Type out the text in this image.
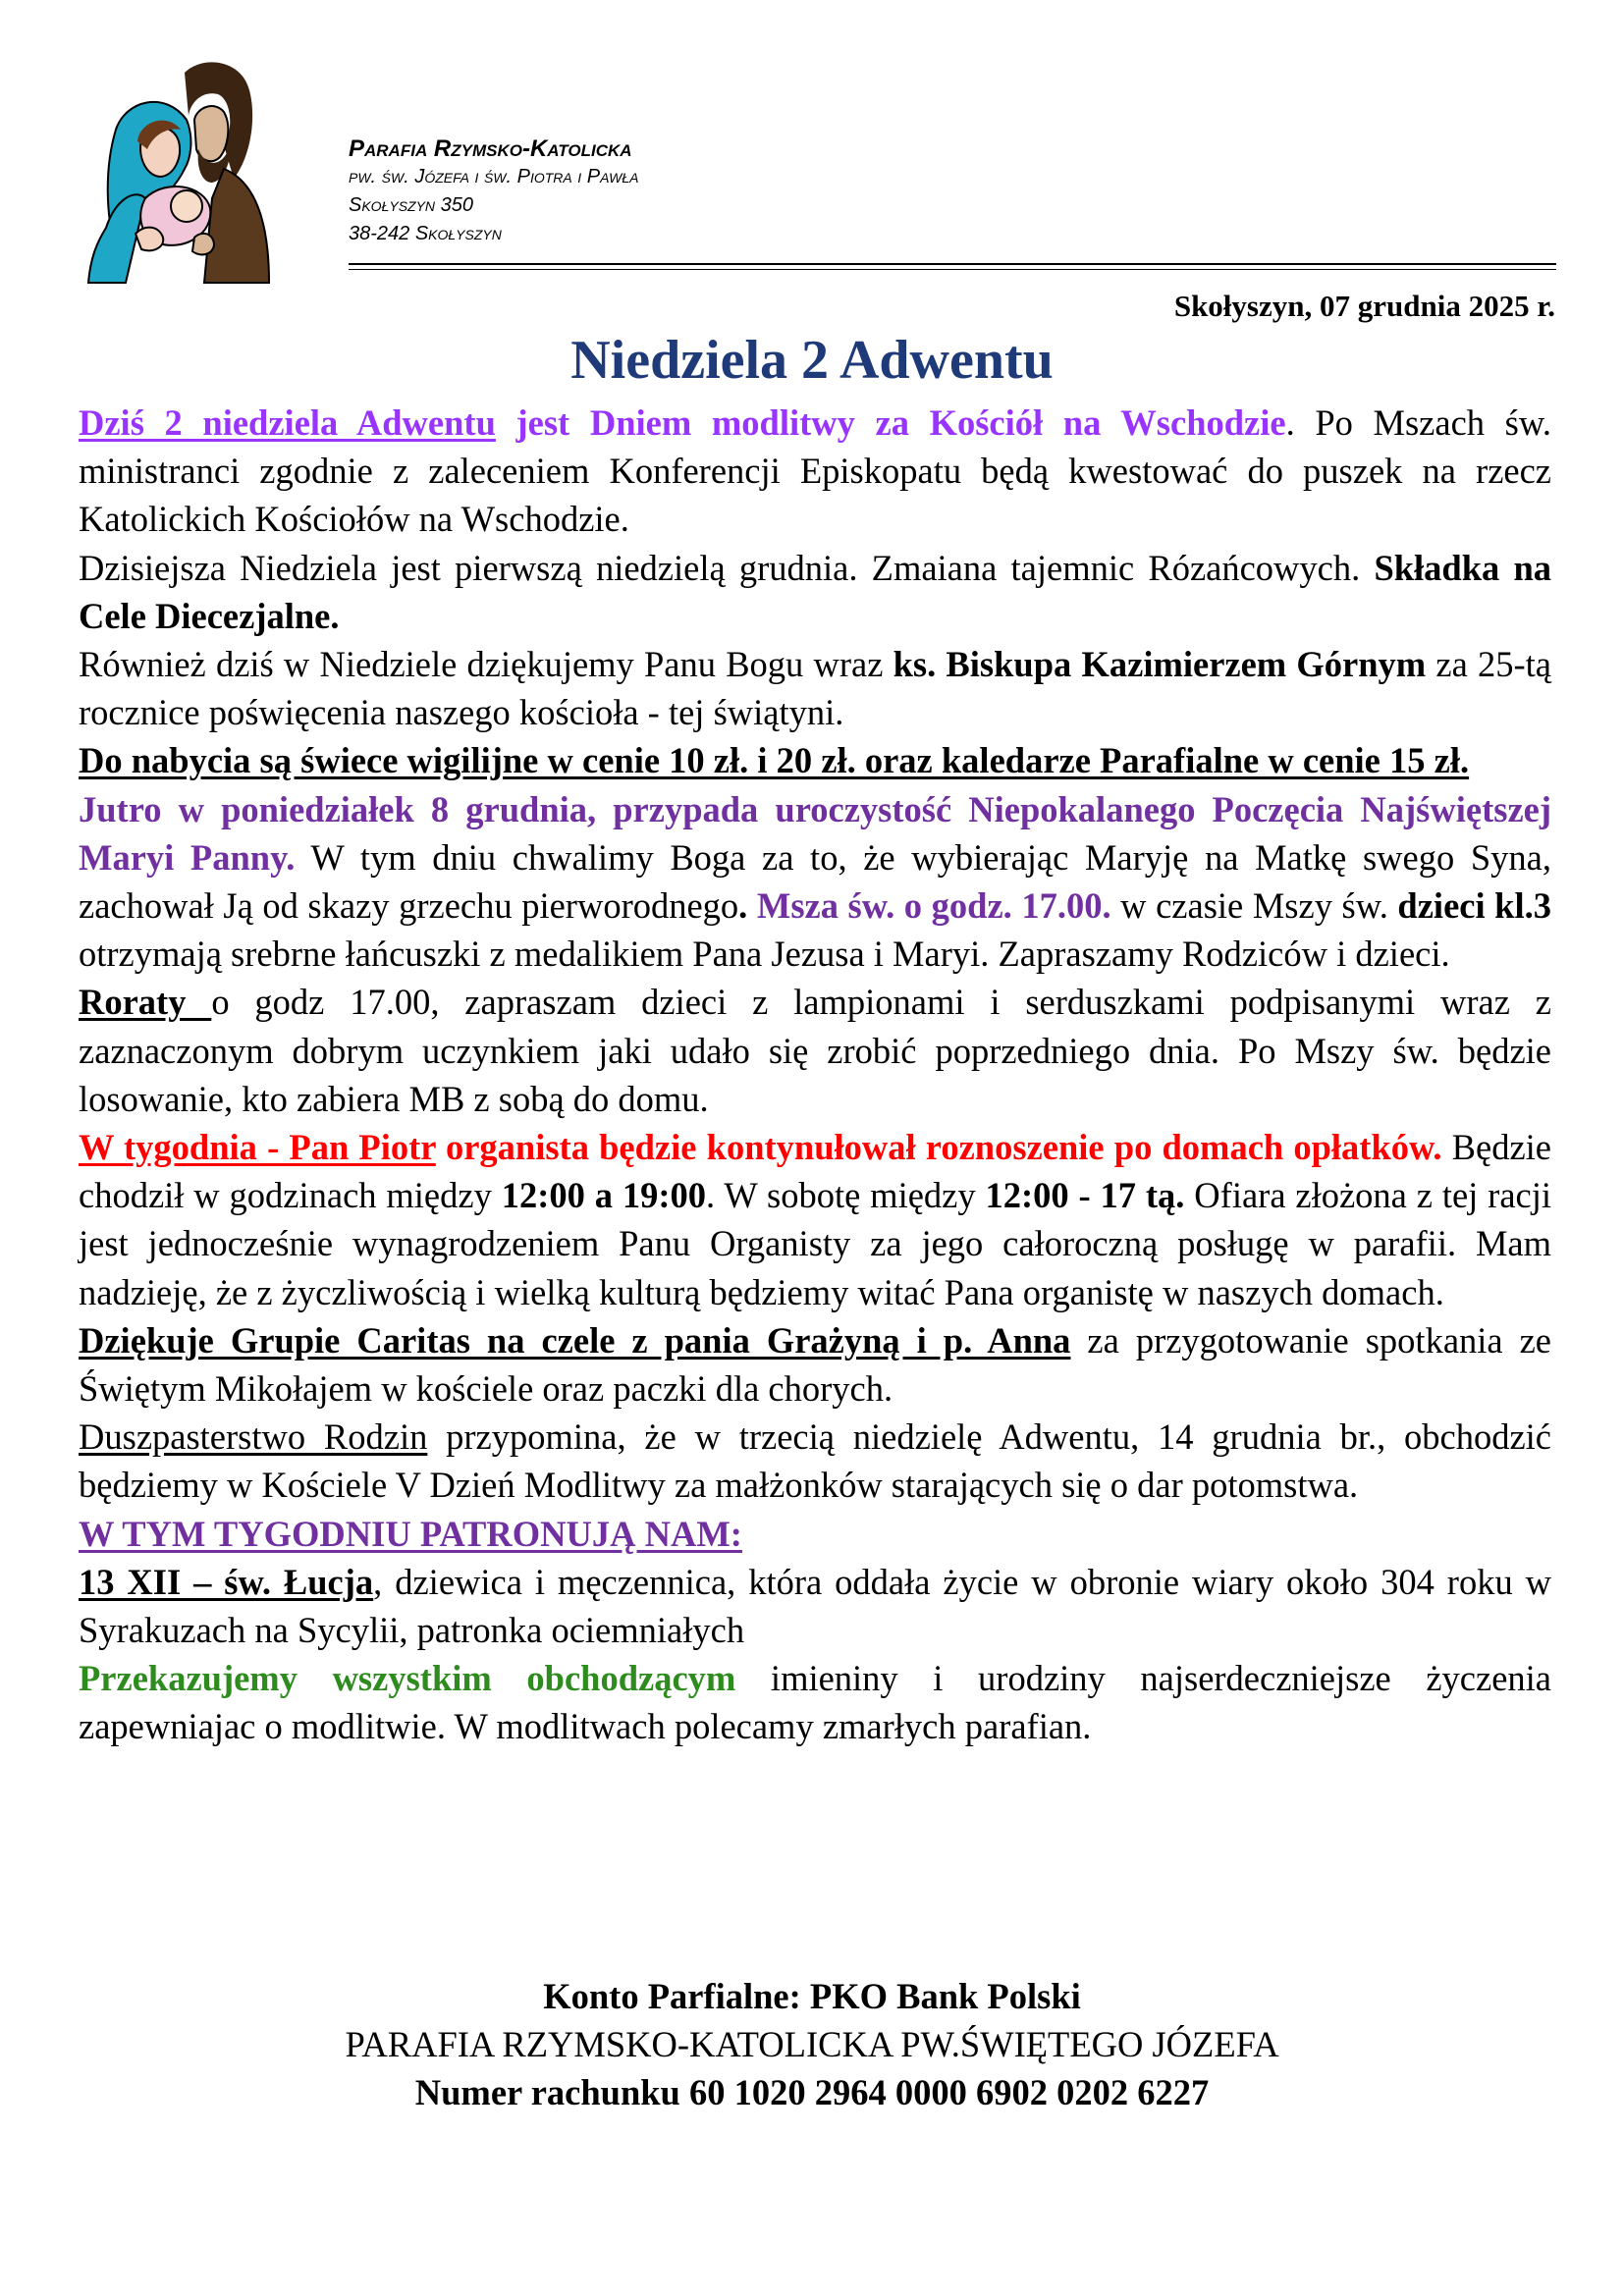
Parafia Rzymsko-Katolicka
pw. św. Józefa i św. Piotra i Pawła
Skołyszyn 350
38-242 Skołyszyn
Skołyszyn, 07 grudnia 2025 r.
Niedziela 2 Adwentu

Dziś 2 niedziela Adwentu jest Dniem modlitwy za Kościół na Wschodzie. Po Mszach św. ministranci zgodnie z zaleceniem Konferencji Episkopatu będą kwestować do puszek na rzecz Katolickich Kościołów na Wschodzie.

Dzisiejsza Niedziela jest pierwszą niedzielą grudnia. Zmaiana tajemnic Rózańcowych. Składka na Cele Diecezjalne.

Również dziś w Niedziele dziękujemy Panu Bogu wraz ks. Biskupa Kazimierzem Górnym za 25-tą rocznice poświęcenia naszego kościoła - tej świątyni.

Do nabycia są świece wigilijne w cenie 10 zł. i 20 zł. oraz kaledarze Parafialne w cenie 15 zł.

Jutro w poniedziałek 8 grudnia, przypada uroczystość Niepokalanego Poczęcia Najświętszej Maryi Panny. W tym dniu chwalimy Boga za to, że wybierając Maryję na Matkę swego Syna, zachował Ją od skazy grzechu pierworodnego. Msza św. o godz. 17.00. w czasie Mszy św. dzieci kl.3 otrzymają srebrne łańcuszki z medalikiem Pana Jezusa i Maryi. Zapraszamy Rodziców i dzieci.

Roraty o godz 17.00, zapraszam dzieci z lampionami i serduszkami podpisanymi wraz z zaznaczonym dobrym uczynkiem jaki udało się zrobić poprzedniego dnia. Po Mszy św. będzie losowanie, kto zabiera MB z sobą do domu.

W tygodnia - Pan Piotr organista będzie kontynułował roznoszenie po domach opłatków. Będzie chodził w godzinach między 12:00 a 19:00. W sobotę między 12:00 - 17 tą. Ofiara złożona z tej racji jest jednocześnie wynagrodzeniem Panu Organisty za jego całoroczną posługę w parafii. Mam nadzieję, że z życzliwością i wielką kulturą będziemy witać Pana organistę w naszych domach.

Dziękuje Grupie Caritas na czele z pania Grażyną i p. Anna za przygotowanie spotkania ze Świętym Mikołajem w kościele oraz paczki dla chorych.

Duszpasterstwo Rodzin przypomina, że w trzecią niedzielę Adwentu, 14 grudnia br., obchodzić będziemy w Kościele V Dzień Modlitwy za małżonków starających się o dar potomstwa.

W TYM TYGODNIU PATRONUJĄ NAM:

13 XII – św. Łucja, dziewica i męczennica, która oddała życie w obronie wiary około 304 roku w Syrakuzach na Sycylii, patronka ociemniałych

Przekazujemy wszystkim obchodzącym imieniny i urodziny najserdeczniejsze życzenia zapewniajac o modlitwie. W modlitwach polecamy zmarłych parafian.

Konto Parfialne: PKO Bank Polski
PARAFIA RZYMSKO-KATOLICKA PW.ŚWIĘTEGO JÓZEFA
Numer rachunku 60 1020 2964 0000 6902 0202 6227
